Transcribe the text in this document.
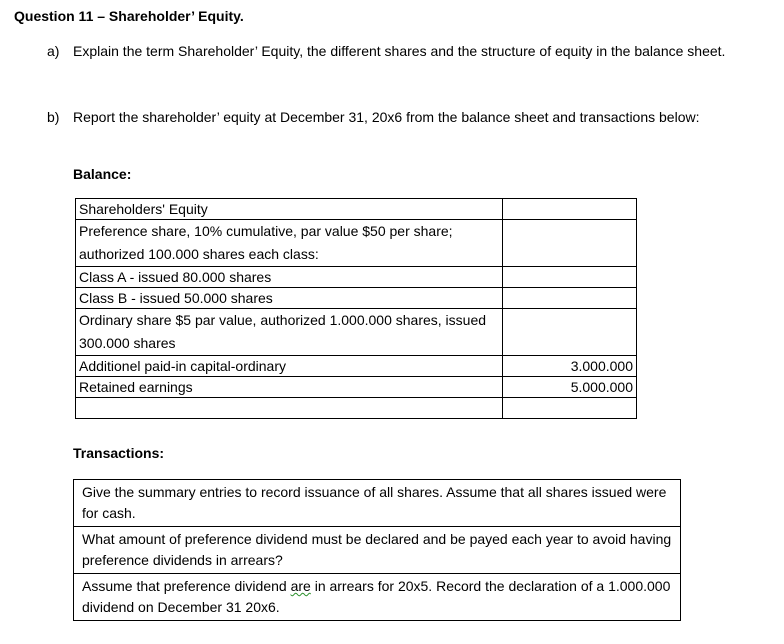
Question 11 – Shareholder’ Equity.
a) Explain the term Shareholder’ Equity, the different shares and the structure of equity in the balance sheet.
b) Report the shareholder’ equity at December 31, 20x6 from the balance sheet and transactions below:
Balance:
Shareholders' Equity	
Preference share, 10% cumulative, par value $50 per share; authorized 100.000 shares each class:	
Class A - issued 80.000 shares	
Class B - issued 50.000 shares	
Ordinary share $5 par value, authorized 1.000.000 shares, issued 300.000 shares	
Additionel paid-in capital-ordinary	3.000.000
Retained earnings	5.000.000

Transactions:
Give the summary entries to record issuance of all shares. Assume that all shares issued were for cash.
What amount of preference dividend must be declared and be payed each year to avoid having preference dividends in arrears?
Assume that preference dividend are in arrears for 20x5. Record the declaration of a 1.000.000 dividend on December 31 20x6.
